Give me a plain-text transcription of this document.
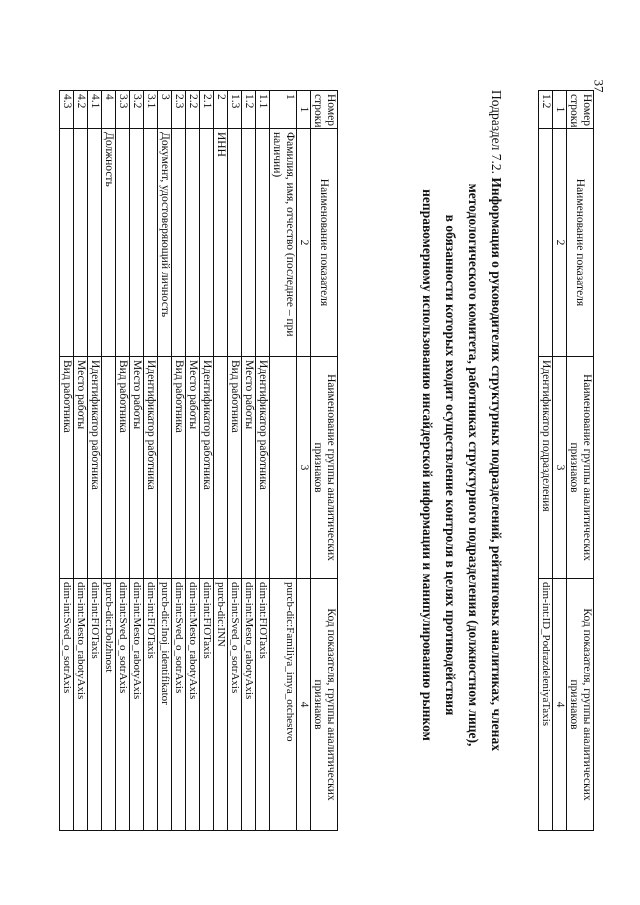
37
Номер строки	Наименование показателя	Наименование группы аналитических признаков	Код показателя, группы аналитических признаков
1	2	3	4
1.2		Идентификатор подразделения	dim-int:ID_PodrazdeleniyaTaxis
Подраздел 7.2. Информация о руководителях структурных подразделений, рейтинговых аналитиках, членах
методологического комитета, работниках структурного подразделения (должностном лице),
в обязанности которых входит осуществление контроля в целях противодействия
неправомерному использованию инсайдерской информации и манипулированию рынком
Номер строки	Наименование показателя	Наименование группы аналитических признаков	Код показателя, группы аналитических признаков
1	2	3	4
1	Фамилия, имя, отчество (последнее – при наличии)		purcb-dic:Familiya_imya_otchestvo
1.1		Идентификатор работника	dim-int:FIOTaxis
1.2		Место работы	dim-int:Mesto_rabotyAxis
1.3		Вид работника	dim-int:Sved_o_sotrAxis
2	ИНН		purcb-dic:INN
2.1		Идентификатор работника	dim-int:FIOTaxis
2.2		Место работы	dim-int:Mesto_rabotyAxis
2.3		Вид работника	dim-int:Sved_o_sotrAxis
3	Документ, удостоверяющий личность		purcb-dic:Inoj_identifikator
3.1		Идентификатор работника	dim-int:FIOTaxis
3.2		Место работы	dim-int:Mesto_rabotyAxis
3.3		Вид работника	dim-int:Sved_o_sotrAxis
4	Должность		purcb-dic:Dolzhnost
4.1		Идентификатор работника	dim-int:FIOTaxis
4.2		Место работы	dim-int:Mesto_rabotyAxis
4.3		Вид работника	dim-int:Sved_o_sotrAxis
